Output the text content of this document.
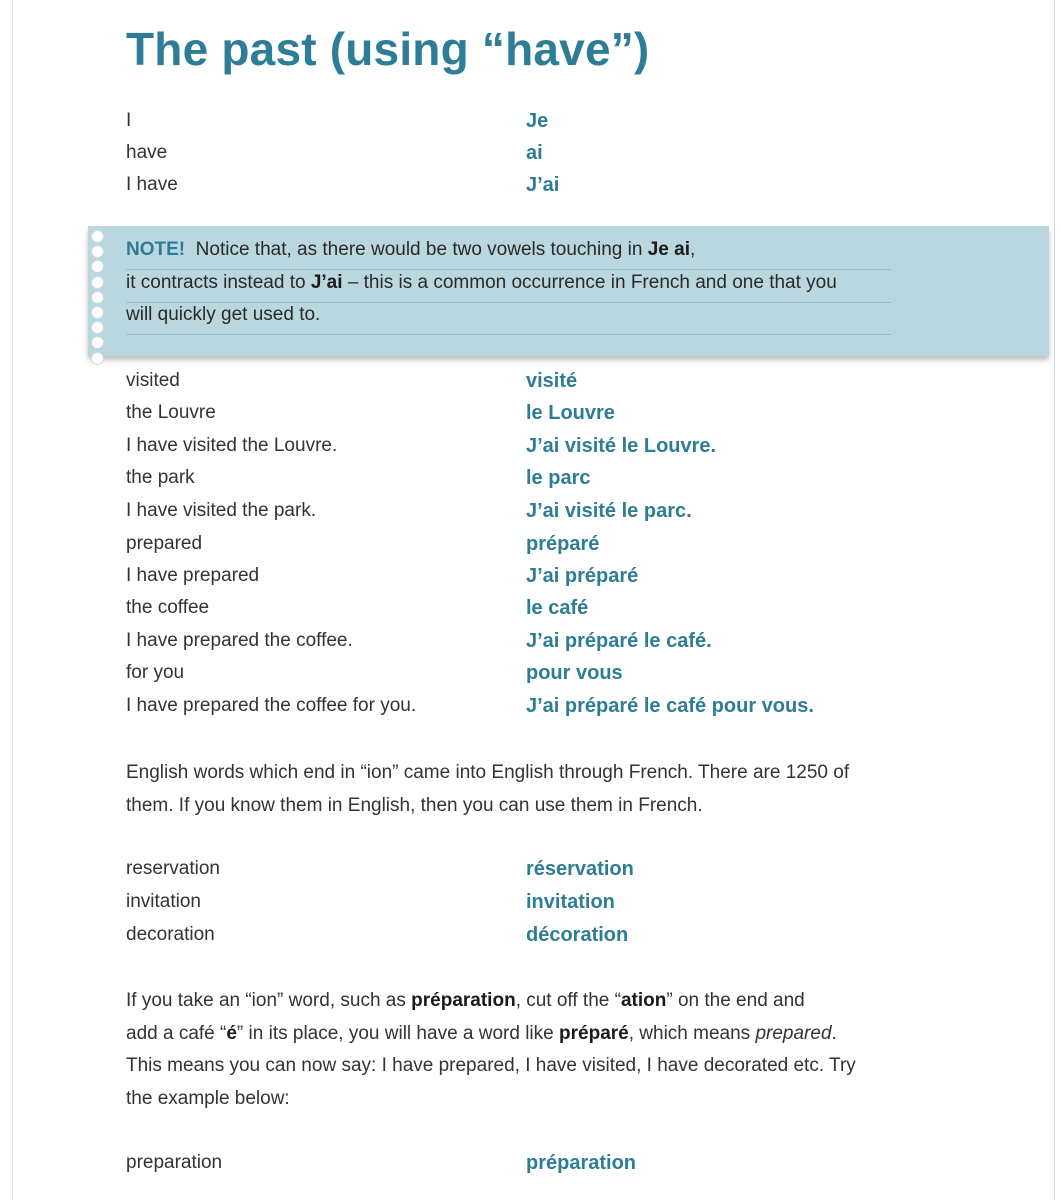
The past (using “have”)
I	Je
have	ai
I have	J’ai
NOTE! Notice that, as there would be two vowels touching in Je ai,
it contracts instead to J’ai – this is a common occurrence in French and one that you
will quickly get used to.
visited	visité
the Louvre	le Louvre
I have visited the Louvre.	J’ai visité le Louvre.
the park	le parc
I have visited the park.	J’ai visité le parc.
prepared	préparé
I have prepared	J’ai préparé
the coffee	le café
I have prepared the coffee.	J’ai préparé le café.
for you	pour vous
I have prepared the coffee for you.	J’ai préparé le café pour vous.
English words which end in “ion” came into English through French. There are 1250 of
them. If you know them in English, then you can use them in French.
reservation	réservation
invitation	invitation
decoration	décoration
If you take an “ion” word, such as préparation, cut off the “ation” on the end and
add a café “é” in its place, you will have a word like préparé, which means prepared.
This means you can now say: I have prepared, I have visited, I have decorated etc. Try
the example below:
preparation	préparation
